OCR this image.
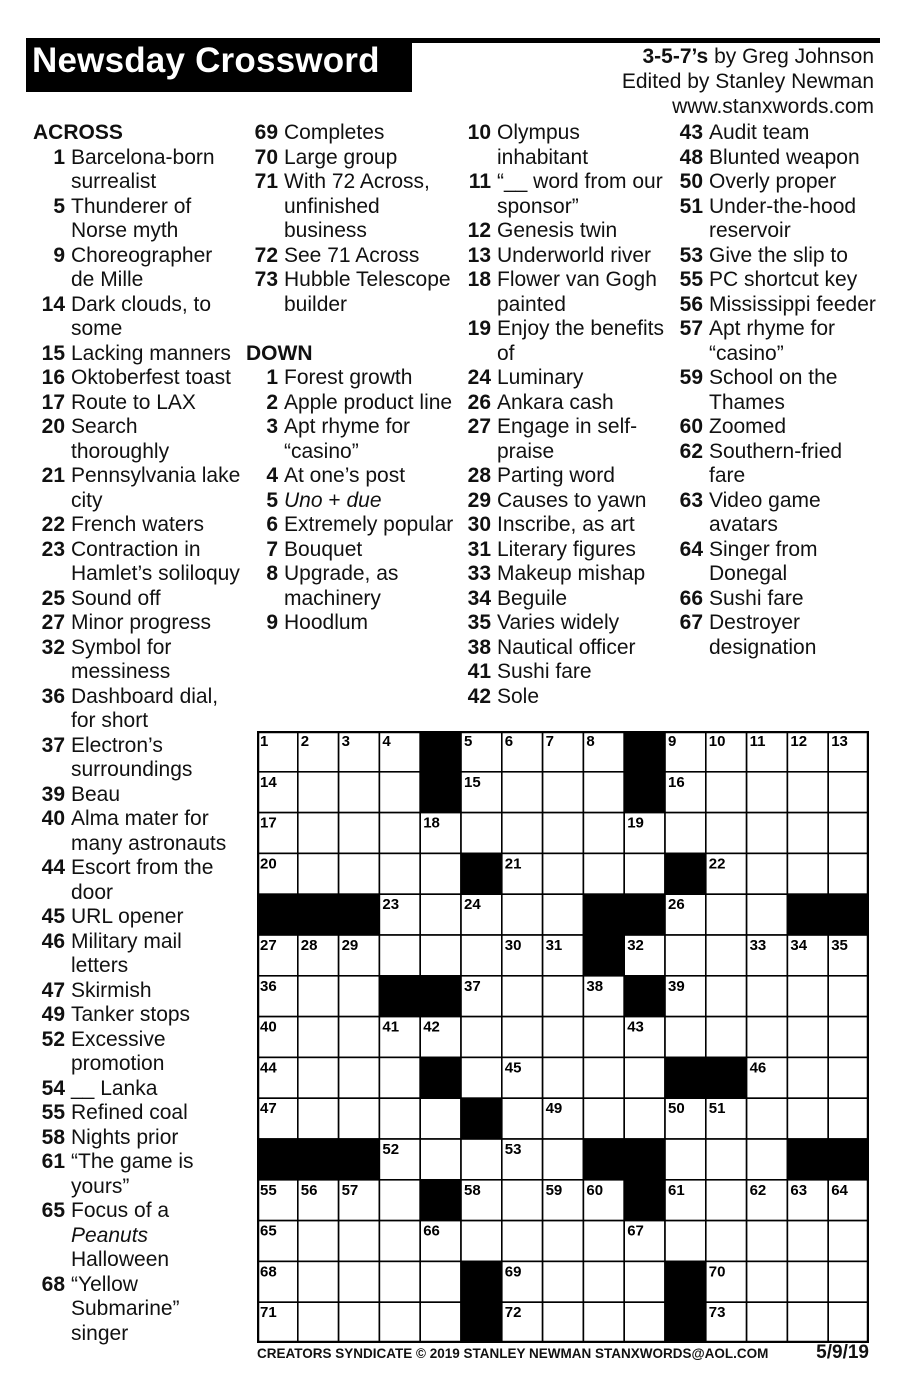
Newsday Crossword	3-5-7’s by Greg Johnson
Edited by Stanley Newman
www.stanxwords.com
ACROSS
1 Barcelona-born surrealist
5 Thunderer of Norse myth
9 Choreographer de Mille
14 Dark clouds, to some
15 Lacking manners
16 Oktoberfest toast
17 Route to LAX
20 Search thoroughly
21 Pennsylvania lake city
22 French waters
23 Contraction in Hamlet’s soliloquy
25 Sound off
27 Minor progress
32 Symbol for messiness
36 Dashboard dial, for short
37 Electron’s surroundings
39 Beau
40 Alma mater for many astronauts
44 Escort from the door
45 URL opener
46 Military mail letters
47 Skirmish
49 Tanker stops
52 Excessive promotion
54 __ Lanka
55 Refined coal
58 Nights prior
61 “The game is yours”
65 Focus of a Peanuts Halloween
68 “Yellow Submarine” singer
69 Completes
70 Large group
71 With 72 Across, unfinished business
72 See 71 Across
73 Hubble Telescope builder
DOWN
1 Forest growth
2 Apple product line
3 Apt rhyme for “casino”
4 At one’s post
5 Uno + due
6 Extremely popular
7 Bouquet
8 Upgrade, as machinery
9 Hoodlum
10 Olympus inhabitant
11 “__ word from our sponsor”
12 Genesis twin
13 Underworld river
18 Flower van Gogh painted
19 Enjoy the benefits of
24 Luminary
26 Ankara cash
27 Engage in self-praise
28 Parting word
29 Causes to yawn
30 Inscribe, as art
31 Literary figures
33 Makeup mishap
34 Beguile
35 Varies widely
38 Nautical officer
41 Sushi fare
42 Sole
43 Audit team
48 Blunted weapon
50 Overly proper
51 Under-the-hood reservoir
53 Give the slip to
55 PC shortcut key
56 Mississippi feeder
57 Apt rhyme for “casino”
59 School on the Thames
60 Zoomed
62 Southern-fried fare
63 Video game avatars
64 Singer from Donegal
66 Sushi fare
67 Destroyer designation
1 2 3 4	5 6 7 8	9 10 11 12 13
14	15	16
17	18	19
20	21	22
23	24	26
27 28 29	30 31	32	33 34 35
36	37	38	39
40	41 42	43
44	45	46
47	49	50 51
52	53
55 56 57	58	59 60	61	62 63 64
65	66	67
68	69	70
71	72	73
CREATORS SYNDICATE © 2019 STANLEY NEWMAN STANXWORDS@AOL.COM	5/9/19
